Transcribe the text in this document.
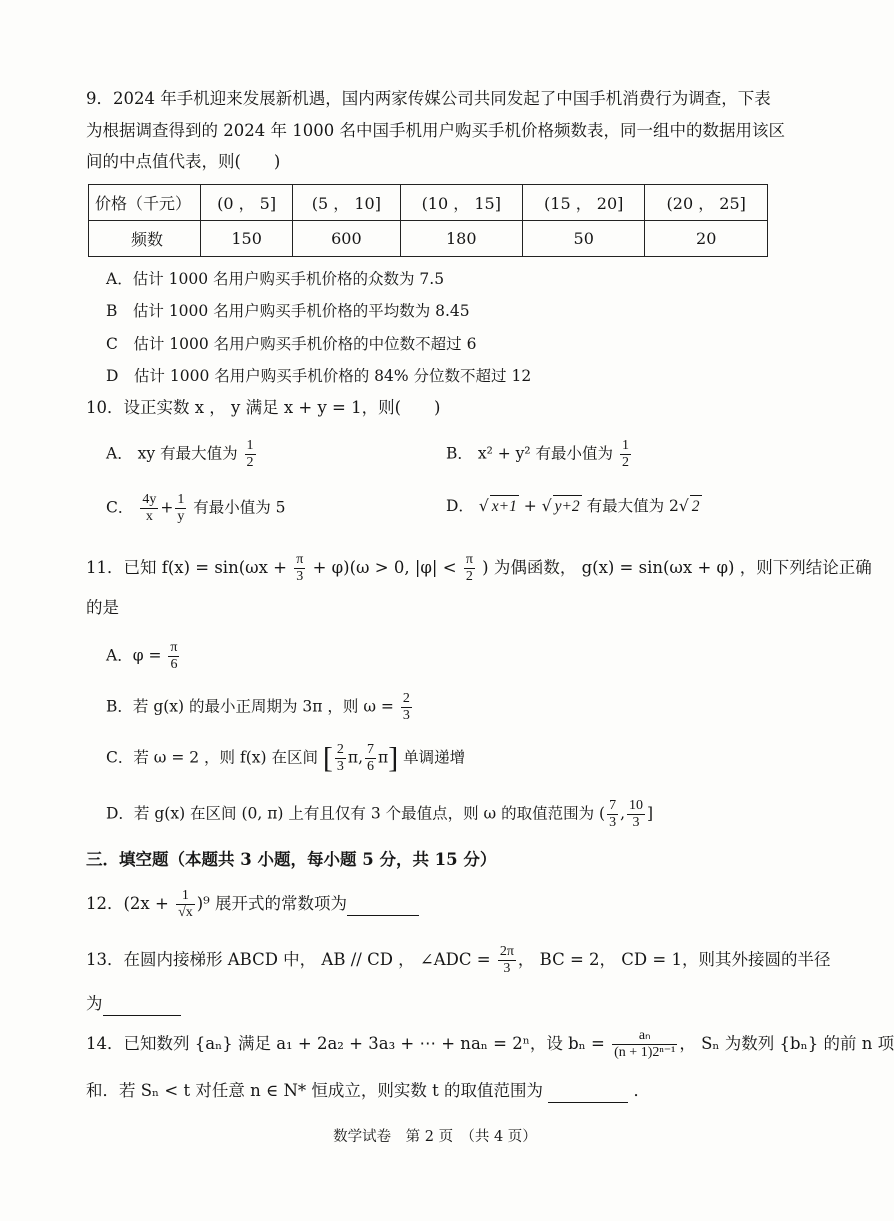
9．2024 年手机迎来发展新机遇，国内两家传媒公司共同发起了中国手机消费行为调查，下表
为根据调查得到的 2024 年 1000 名中国手机用户购买手机价格频数表，同一组中的数据用该区
间的中点值代表，则(　　)
价格（千元）	(0 ， 5]	(5 ， 10]	(10 ， 15]	(15 ， 20]	(20 ， 25]
频数	150	600	180	50	20
A．估计 1000 名用户购买手机价格的众数为 7.5
B　估计 1000 名用户购买手机价格的平均数为 8.45
C　估计 1000 名用户购买手机价格的中位数不超过 6
D　估计 1000 名用户购买手机价格的 84% 分位数不超过 12
10．设正实数 x ， y 满足 x + y = 1，则(　　)
A． xy 有最大值为 $\frac{1}{2}$	B． x² + y² 有最小值为 $\frac{1}{2}$
C． $\frac{4y}{x} + \frac{1}{y}$ 有最小值为 5	D． √ x+1 + √ y+2 有最大值为 2√ 2
11．已知 $f(x) = \sin(\omega x + \frac{\pi}{3} + \varphi)(\omega > 0$, $|\varphi| < \frac{\pi}{2}$ ) 为偶函数， g(x) = sin(ωx + φ) ，则下列结论正确
的是
A．$\varphi = \frac{\pi}{6}$
B．若 g(x) 的最小正周期为 3π ，则 $\omega = \frac{2}{3}$
C．若 ω = 2 ，则 f(x) 在区间 [ $\frac{2}{3} \pi$, $\frac{7}{6} \pi$] 单调递增
D．若 g(x) 在区间 (0, π) 上有且仅有 3 个最值点，则 ω 的取值范围为 ( $\frac{7}{3}$ , $\frac{10}{3}$ ]
三．填空题（本题共 3 小题，每小题 5 分，共 15 分）
12．$(2x + \frac{1}{√x} )^9$ 展开式的常数项为
13．在圆内接梯形 ABCD 中， AB // CD ， ∠ADC = $\frac{2\pi}{3}$ ， BC = 2， CD = 1，则其外接圆的半径
为
14．已知数列 {aₙ} 满足 a₁ + 2a₂ + 3a₃ + ⋯ + naₙ = 2ⁿ，设 $b_n = \frac{\text{aₙ}}{\text{(n + 1)2ⁿ⁻¹}}$ ， Sₙ 为数列 {bₙ} 的前 n 项
和．若 Sₙ < t 对任意 n ∈ N* 恒成立，则实数 t 的取值范围为	．
数学试卷　第 2 页　（共 4 页）
